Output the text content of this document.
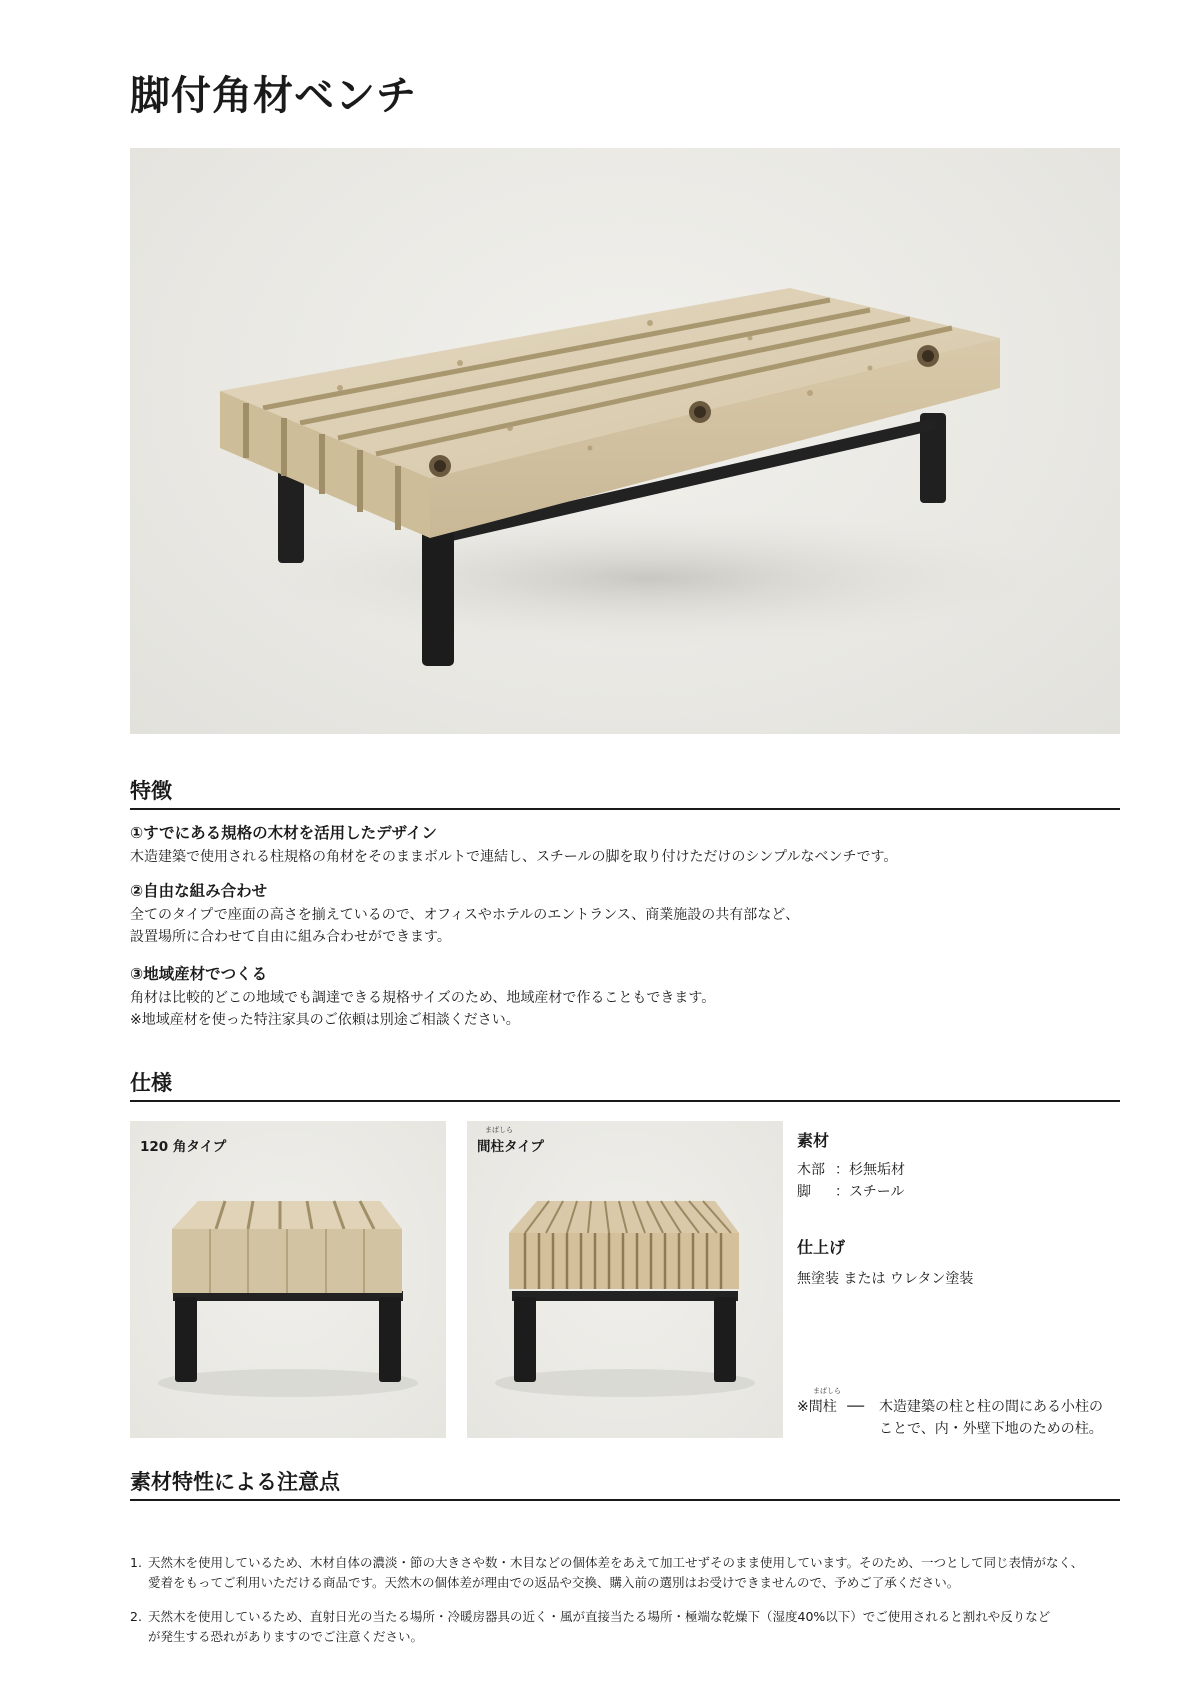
脚付角材ベンチ
特徴
①すでにある規格の木材を活用したデザイン

木造建築で使用される柱規格の角材をそのままボルトで連結し、スチールの脚を取り付けただけのシンプルなベンチです。

②自由な組み合わせ

全てのタイプで座面の高さを揃えているので、オフィスやホテルのエントランス、商業施設の共有部など、

設置場所に合わせて自由に組み合わせができます。

③地域産材でつくる

角材は比較的どこの地域でも調達できる規格サイズのため、地域産材で作ることもできます。

※地域産材を使った特注家具のご依頼は別途ご相談ください。

仕様
120 角タイプ
まばしら
間柱タイプ	素材
木部 ：杉無垢材
脚 ：スチール
仕上げ
無塗装 または ウレタン塗装
まばしら
※間柱 ──	木造建築の柱と柱の間にある小柱の
ことで、内・外壁下地のための柱。
素材特性による注意点
1. 天然木を使用しているため、木材自体の濃淡・節の大きさや数・木目などの個体差をあえて加工せずそのまま使用しています。そのため、一つとして同じ表情がなく、
愛着をもってご利用いただける商品です。天然木の個体差が理由での返品や交換、購入前の選別はお受けできませんので、予めご了承ください。
2. 天然木を使用しているため、直射日光の当たる場所・冷暖房器具の近く・風が直接当たる場所・極端な乾燥下（湿度40%以下）でご使用されると割れや反りなど
が発生する恐れがありますのでご注意ください。
